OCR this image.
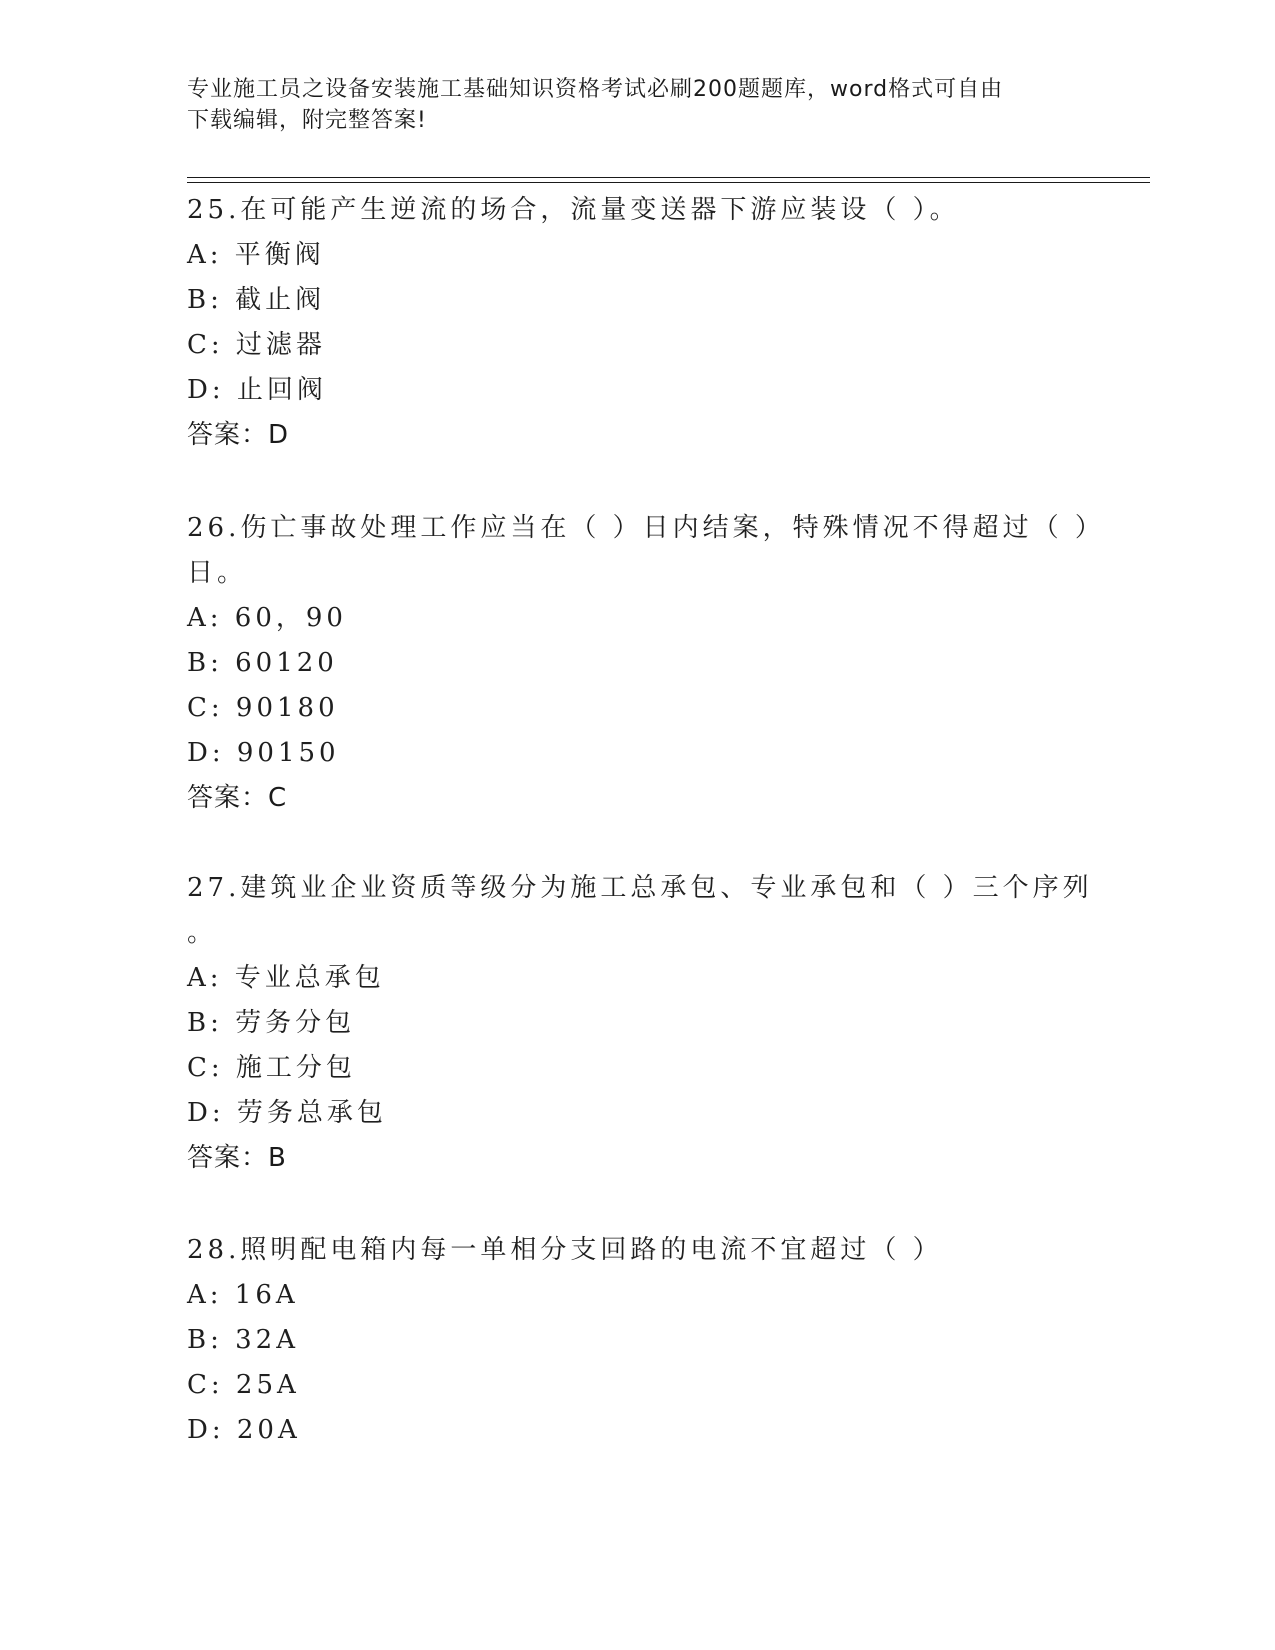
专业施工员之设备安装施工基础知识资格考试必刷200题题库，word格式可自由
下载编辑，附完整答案!
25.在可能产生逆流的场合，流量变送器下游应装设（ ）。
A: 平衡阀
B: 截止阀
C: 过滤器
D: 止回阀
答案：D
26.伤亡事故处理工作应当在（ ）日内结案，特殊情况不得超过（ ）
日。
A: 60，90
B: 60120
C: 90180
D: 90150
答案：C
27.建筑业企业资质等级分为施工总承包、专业承包和（ ）三个序列
。
A: 专业总承包
B: 劳务分包
C: 施工分包
D: 劳务总承包
答案：B
28.照明配电箱内每一单相分支回路的电流不宜超过（ ）
A: 16A
B: 32A
C: 25A
D: 20A
